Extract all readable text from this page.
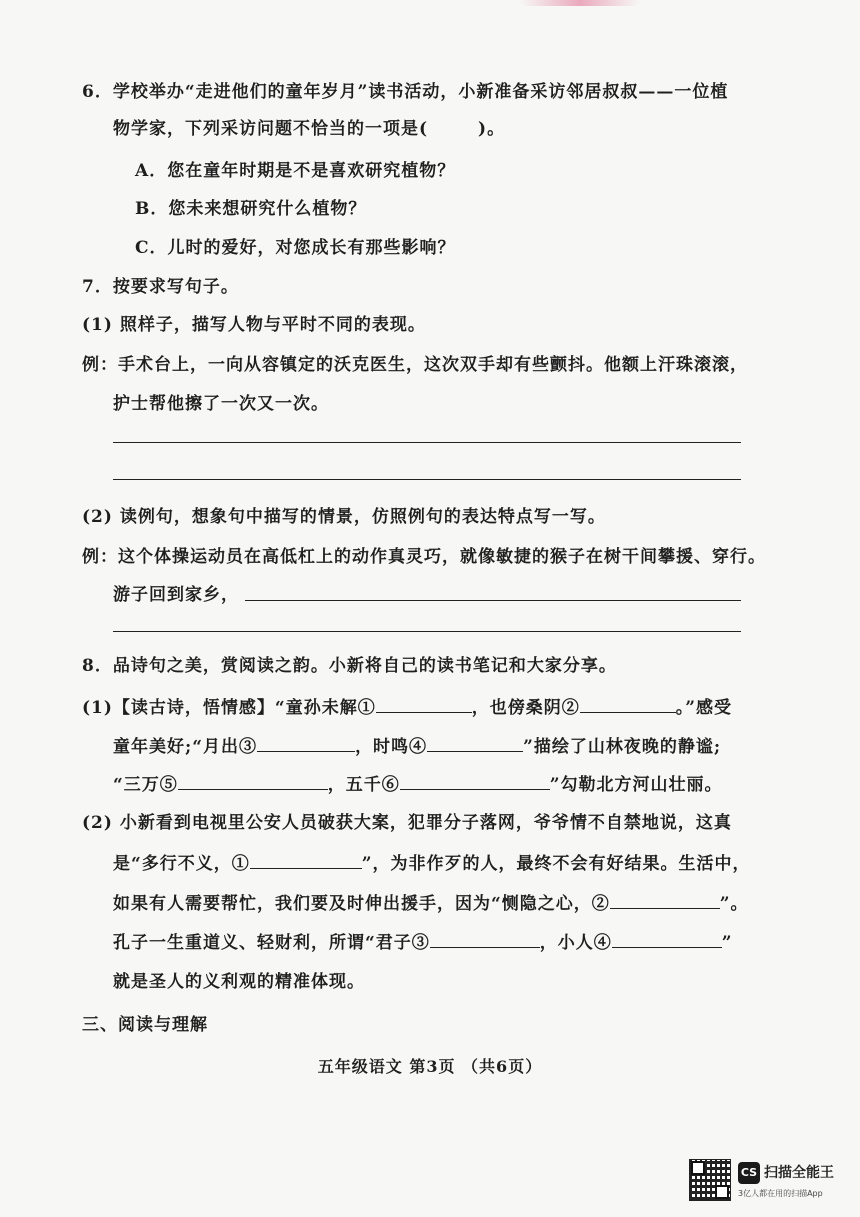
6．学校举办“走进他们的童年岁月”读书活动，小新准备采访邻居叔叔——一位植
物学家，下列采访问题不恰当的一项是(	)。
A．您在童年时期是不是喜欢研究植物？
B．您未来想研究什么植物？
C．儿时的爱好，对您成长有那些影响？
7．按要求写句子。
(1) 照样子，描写人物与平时不同的表现。
例：手术台上，一向从容镇定的沃克医生，这次双手却有些颤抖。他额上汗珠滚滚，
护士帮他擦了一次又一次。
(2) 读例句，想象句中描写的情景，仿照例句的表达特点写一写。
例：这个体操运动员在高低杠上的动作真灵巧，就像敏捷的猴子在树干间攀援、穿行。
游子回到家乡，
8．品诗句之美，赏阅读之韵。小新将自己的读书笔记和大家分享。
(1)【读古诗，悟情感】“童孙未解①	，也傍桑阴②	。”感受
童年美好;“月出③	，时鸣④	”描绘了山林夜晚的静谧;
“三万⑤	，五千⑥	”勾勒北方河山壮丽。
(2) 小新看到电视里公安人员破获大案，犯罪分子落网，爷爷情不自禁地说，这真
是“多行不义，①	”，为非作歹的人，最终不会有好结果。生活中，
如果有人需要帮忙，我们要及时伸出援手，因为“恻隐之心，②	”。
孔子一生重道义、轻财利，所谓“君子③	，小人④	”
就是圣人的义利观的精准体现。
三、阅读与理解
五年级语文 第3页 （共6页）
CS 扫描全能王
3亿人都在用的扫描App
